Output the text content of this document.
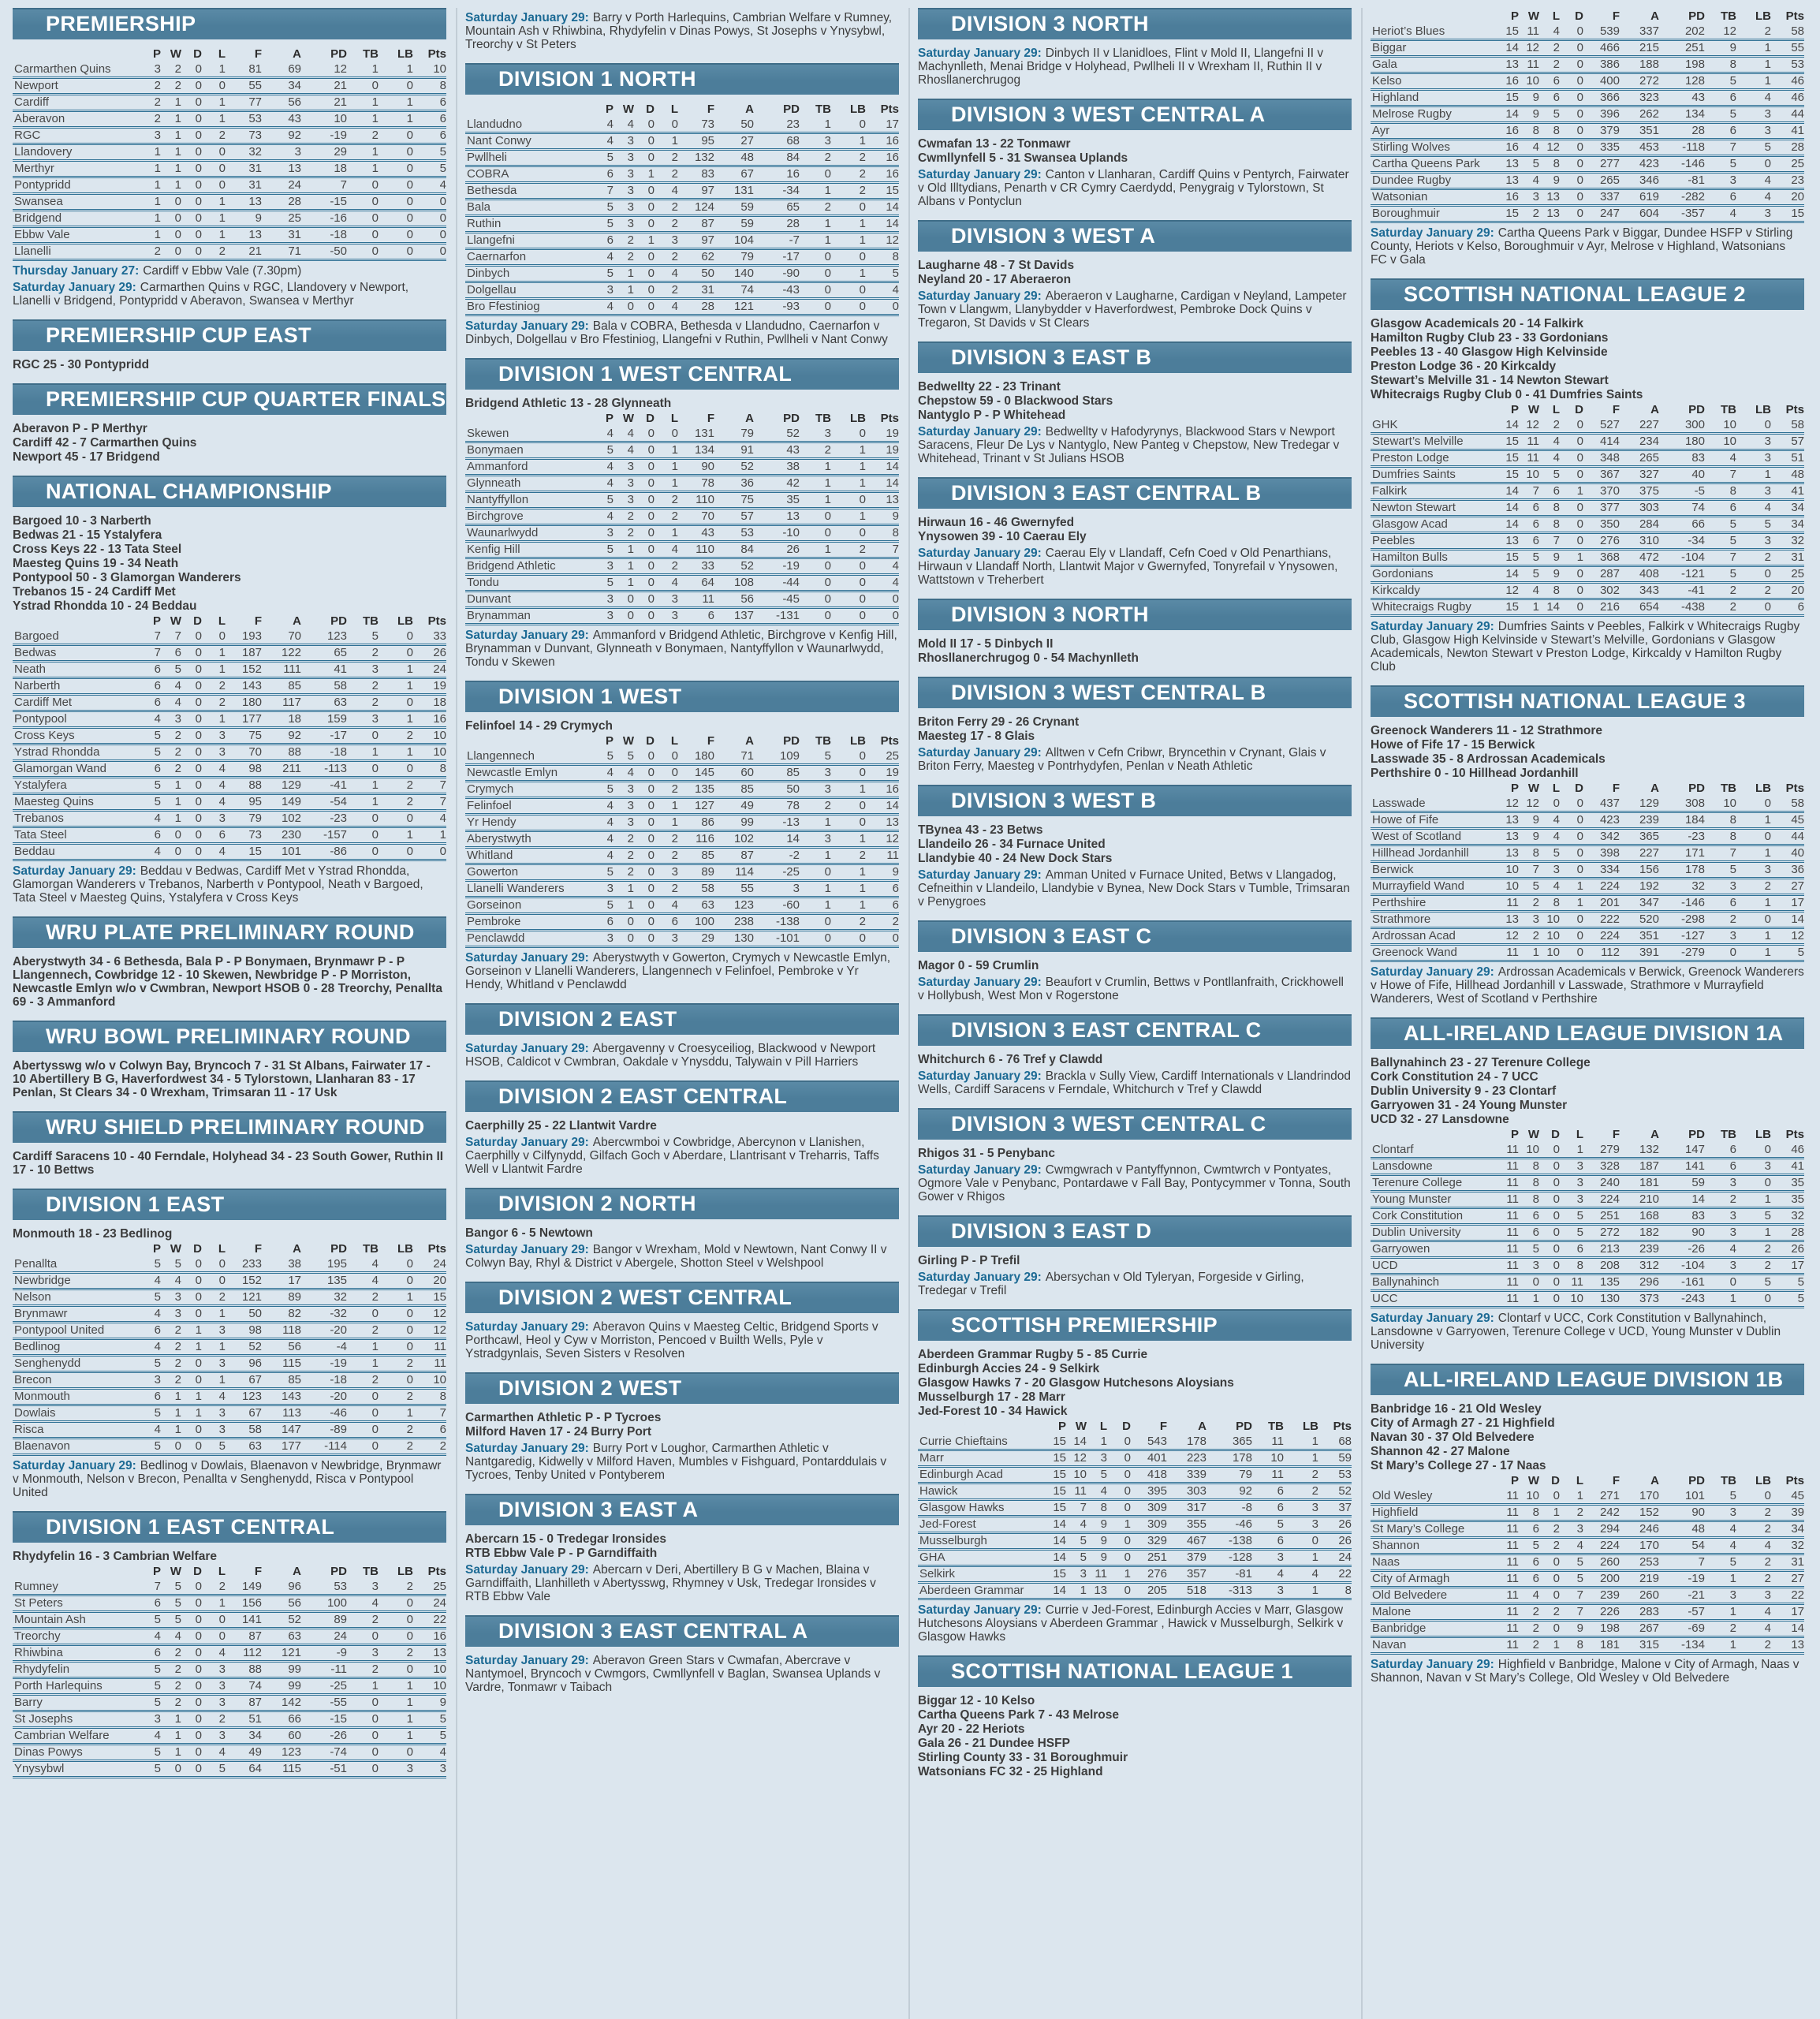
PREMIERSHIP
	P	W	D	L	F	A	PD	TB	LB	Pts
Carmarthen Quins	3	2	0	1	81	69	12	1	1	10
Newport	2	2	0	0	55	34	21	0	0	8
Cardiff	2	1	0	1	77	56	21	1	1	6
Aberavon	2	1	0	1	53	43	10	1	1	6
RGC	3	1	0	2	73	92	-19	2	0	6
Llandovery	1	1	0	0	32	3	29	1	0	5
Merthyr	1	1	0	0	31	13	18	1	0	5
Pontypridd	1	1	0	0	31	24	7	0	0	4
Swansea	1	0	0	1	13	28	-15	0	0	0
Bridgend	1	0	0	1	9	25	-16	0	0	0
Ebbw Vale	1	0	0	1	13	31	-18	0	0	0
Llanelli	2	0	0	2	21	71	-50	0	0	0

Thursday January 27: Cardiff v Ebbw Vale (7.30pm)

Saturday January 29: Carmarthen Quins v RGC, Llandovery v Newport, Llanelli v Bridgend, Pontypridd v Aberavon, Swansea v Merthyr

PREMIERSHIP CUP EAST
RGC 25 - 30 Pontypridd
PREMIERSHIP CUP QUARTER FINALS
Aberavon P - P Merthyr
Cardiff 42 - 7 Carmarthen Quins
Newport 45 - 17 Bridgend
NATIONAL CHAMPIONSHIP
Bargoed 10 - 3 Narberth
Bedwas 21 - 15 Ystalyfera
Cross Keys 22 - 13 Tata Steel
Maesteg Quins 19 - 34 Neath
Pontypool 50 - 3 Glamorgan Wanderers
Trebanos 15 - 24 Cardiff Met
Ystrad Rhondda 10 - 24 Beddau
	P	W	D	L	F	A	PD	TB	LB	Pts
Bargoed	7	7	0	0	193	70	123	5	0	33
Bedwas	7	6	0	1	187	122	65	2	0	26
Neath	6	5	0	1	152	111	41	3	1	24
Narberth	6	4	0	2	143	85	58	2	1	19
Cardiff Met	6	4	0	2	180	117	63	2	0	18
Pontypool	4	3	0	1	177	18	159	3	1	16
Cross Keys	5	2	0	3	75	92	-17	0	2	10
Ystrad Rhondda	5	2	0	3	70	88	-18	1	1	10
Glamorgan Wand	6	2	0	4	98	211	-113	0	0	8
Ystalyfera	5	1	0	4	88	129	-41	1	2	7
Maesteg Quins	5	1	0	4	95	149	-54	1	2	7
Trebanos	4	1	0	3	79	102	-23	0	0	4
Tata Steel	6	0	0	6	73	230	-157	0	1	1
Beddau	4	0	0	4	15	101	-86	0	0	0

Saturday January 29: Beddau v Bedwas, Cardiff Met v Ystrad Rhondda, Glamorgan Wanderers v Trebanos, Narberth v Pontypool, Neath v Bargoed, Tata Steel v Maesteg Quins, Ystalyfera v Cross Keys

WRU PLATE PRELIMINARY ROUND

Aberystwyth 34 - 6 Bethesda, Bala P - P Bonymaen, Brynmawr P - P Llangennech, Cowbridge 12 - 10 Skewen, Newbridge P - P Morriston, Newcastle Emlyn w/o v Cwmbran, Newport HSOB 0 - 28 Treorchy, Penallta 69 - 3 Ammanford

WRU BOWL PRELIMINARY ROUND

Abertysswg w/o v Colwyn Bay, Bryncoch 7 - 31 St Albans, Fairwater 17 - 10 Abertillery B G, Haverfordwest 34 - 5 Tylorstown, Llanharan 83 - 17 Penlan, St Clears 34 - 0 Wrexham, Trimsaran 11 - 17 Usk

WRU SHIELD PRELIMINARY ROUND

Cardiff Saracens 10 - 40 Ferndale, Holyhead 34 - 23 South Gower, Ruthin II 17 - 10 Bettws

DIVISION 1 EAST
Monmouth 18 - 23 Bedlinog
	P	W	D	L	F	A	PD	TB	LB	Pts
Penallta	5	5	0	0	233	38	195	4	0	24
Newbridge	4	4	0	0	152	17	135	4	0	20
Nelson	5	3	0	2	121	89	32	2	1	15
Brynmawr	4	3	0	1	50	82	-32	0	0	12
Pontypool United	6	2	1	3	98	118	-20	2	0	12
Bedlinog	4	2	1	1	52	56	-4	1	0	11
Senghenydd	5	2	0	3	96	115	-19	1	2	11
Brecon	3	2	0	1	67	85	-18	2	0	10
Monmouth	6	1	1	4	123	143	-20	0	2	8
Dowlais	5	1	1	3	67	113	-46	0	1	7
Risca	4	1	0	3	58	147	-89	0	2	6
Blaenavon	5	0	0	5	63	177	-114	0	2	2

Saturday January 29: Bedlinog v Dowlais, Blaenavon v Newbridge, Brynmawr v Monmouth, Nelson v Brecon, Penallta v Senghenydd, Risca v Pontypool United

DIVISION 1 EAST CENTRAL
Rhydyfelin 16 - 3 Cambrian Welfare
	P	W	D	L	F	A	PD	TB	LB	Pts
Rumney	7	5	0	2	149	96	53	3	2	25
St Peters	6	5	0	1	156	56	100	4	0	24
Mountain Ash	5	5	0	0	141	52	89	2	0	22
Treorchy	4	4	0	0	87	63	24	0	0	16
Rhiwbina	6	2	0	4	112	121	-9	3	2	13
Rhydyfelin	5	2	0	3	88	99	-11	2	0	10
Porth Harlequins	5	2	0	3	74	99	-25	1	1	10
Barry	5	2	0	3	87	142	-55	0	1	9
St Josephs	3	1	0	2	51	66	-15	0	1	5
Cambrian Welfare	4	1	0	3	34	60	-26	0	1	5
Dinas Powys	5	1	0	4	49	123	-74	0	0	4
Ynysybwl	5	0	0	5	64	115	-51	0	3	3

Saturday January 29: Barry v Porth Harlequins, Cambrian Welfare v Rumney, Mountain Ash v Rhiwbina, Rhydyfelin v Dinas Powys, St Josephs v Ynysybwl, Treorchy v St Peters

DIVISION 1 NORTH
	P	W	D	L	F	A	PD	TB	LB	Pts
Llandudno	4	4	0	0	73	50	23	1	0	17
Nant Conwy	4	3	0	1	95	27	68	3	1	16
Pwllheli	5	3	0	2	132	48	84	2	2	16
COBRA	6	3	1	2	83	67	16	0	2	16
Bethesda	7	3	0	4	97	131	-34	1	2	15
Bala	5	3	0	2	124	59	65	2	0	14
Ruthin	5	3	0	2	87	59	28	1	1	14
Llangefni	6	2	1	3	97	104	-7	1	1	12
Caernarfon	4	2	0	2	62	79	-17	0	0	8
Dinbych	5	1	0	4	50	140	-90	0	1	5
Dolgellau	3	1	0	2	31	74	-43	0	0	4
Bro Ffestiniog	4	0	0	4	28	121	-93	0	0	0

Saturday January 29: Bala v COBRA, Bethesda v Llandudno, Caernarfon v Dinbych, Dolgellau v Bro Ffestiniog, Llangefni v Ruthin, Pwllheli v Nant Conwy

DIVISION 1 WEST CENTRAL
Bridgend Athletic 13 - 28 Glynneath
	P	W	D	L	F	A	PD	TB	LB	Pts
Skewen	4	4	0	0	131	79	52	3	0	19
Bonymaen	5	4	0	1	134	91	43	2	1	19
Ammanford	4	3	0	1	90	52	38	1	1	14
Glynneath	4	3	0	1	78	36	42	1	1	14
Nantyffyllon	5	3	0	2	110	75	35	1	0	13
Birchgrove	4	2	0	2	70	57	13	0	1	9
Waunarlwydd	3	2	0	1	43	53	-10	0	0	8
Kenfig Hill	5	1	0	4	110	84	26	1	2	7
Bridgend Athletic	3	1	0	2	33	52	-19	0	0	4
Tondu	5	1	0	4	64	108	-44	0	0	4
Dunvant	3	0	0	3	11	56	-45	0	0	0
Brynamman	3	0	0	3	6	137	-131	0	0	0

Saturday January 29: Ammanford v Bridgend Athletic, Birchgrove v Kenfig Hill, Brynamman v Dunvant, Glynneath v Bonymaen, Nantyffyllon v Waunarlwydd, Tondu v Skewen

DIVISION 1 WEST
Felinfoel 14 - 29 Crymych
	P	W	D	L	F	A	PD	TB	LB	Pts
Llangennech	5	5	0	0	180	71	109	5	0	25
Newcastle Emlyn	4	4	0	0	145	60	85	3	0	19
Crymych	5	3	0	2	135	85	50	3	1	16
Felinfoel	4	3	0	1	127	49	78	2	0	14
Yr Hendy	4	3	0	1	86	99	-13	1	0	13
Aberystwyth	4	2	0	2	116	102	14	3	1	12
Whitland	4	2	0	2	85	87	-2	1	2	11
Gowerton	5	2	0	3	89	114	-25	0	1	9
Llanelli Wanderers	3	1	0	2	58	55	3	1	1	6
Gorseinon	5	1	0	4	63	123	-60	1	1	6
Pembroke	6	0	0	6	100	238	-138	0	2	2
Penclawdd	3	0	0	3	29	130	-101	0	0	0

Saturday January 29: Aberystwyth v Gowerton, Crymych v Newcastle Emlyn, Gorseinon v Llanelli Wanderers, Llangennech v Felinfoel, Pembroke v Yr Hendy, Whitland v Penclawdd

DIVISION 2 EAST

Saturday January 29: Abergavenny v Croesyceiliog, Blackwood v Newport HSOB, Caldicot v Cwmbran, Oakdale v Ynysddu, Talywain v Pill Harriers

DIVISION 2 EAST CENTRAL
Caerphilly 25 - 22 Llantwit Vardre

Saturday January 29: Abercwmboi v Cowbridge, Abercynon v Llanishen, Caerphilly v Cilfynydd, Gilfach Goch v Aberdare, Llantrisant v Treharris, Taffs Well v Llantwit Fardre

DIVISION 2 NORTH
Bangor 6 - 5 Newtown

Saturday January 29: Bangor v Wrexham, Mold v Newtown, Nant Conwy II v Colwyn Bay, Rhyl & District v Abergele, Shotton Steel v Welshpool

DIVISION 2 WEST CENTRAL

Saturday January 29: Aberavon Quins v Maesteg Celtic, Bridgend Sports v Porthcawl, Heol y Cyw v Morriston, Pencoed v Builth Wells, Pyle v Ystradgynlais, Seven Sisters v Resolven

DIVISION 2 WEST
Carmarthen Athletic P - P Tycroes
Milford Haven 17 - 24 Burry Port

Saturday January 29: Burry Port v Loughor, Carmarthen Athletic v Nantgaredig, Kidwelly v Milford Haven, Mumbles v Fishguard, Pontarddulais v Tycroes, Tenby United v Pontyberem

DIVISION 3 EAST A
Abercarn 15 - 0 Tredegar Ironsides
RTB Ebbw Vale P - P Garndiffaith

Saturday January 29: Abercarn v Deri, Abertillery B G v Machen, Blaina v Garndiffaith, Llanhilleth v Abertysswg, Rhymney v Usk, Tredegar Ironsides v RTB Ebbw Vale

DIVISION 3 EAST CENTRAL A

Saturday January 29: Aberavon Green Stars v Cwmafan, Abercrave v Nantymoel, Bryncoch v Cwmgors, Cwmllynfell v Baglan, Swansea Uplands v Vardre, Tonmawr v Taibach

DIVISION 3 NORTH

Saturday January 29: Dinbych II v Llanidloes, Flint v Mold II, Llangefni II v Machynlleth, Menai Bridge v Holyhead, Pwllheli II v Wrexham II, Ruthin II v Rhosllanerchrugog

DIVISION 3 WEST CENTRAL A
Cwmafan 13 - 22 Tonmawr
Cwmllynfell 5 - 31 Swansea Uplands

Saturday January 29: Canton v Llanharan, Cardiff Quins v Pentyrch, Fairwater v Old Illtydians, Penarth v CR Cymry Caerdydd, Penygraig v Tylorstown, St Albans v Pontyclun

DIVISION 3 WEST A
Laugharne 48 - 7 St Davids
Neyland 20 - 17 Aberaeron

Saturday January 29: Aberaeron v Laugharne, Cardigan v Neyland, Lampeter Town v Llangwm, Llanybydder v Haverfordwest, Pembroke Dock Quins v Tregaron, St Davids v St Clears

DIVISION 3 EAST B
Bedwellty 22 - 23 Trinant
Chepstow 59 - 0 Blackwood Stars
Nantyglo P - P Whitehead

Saturday January 29: Bedwellty v Hafodyrynys, Blackwood Stars v Newport Saracens, Fleur De Lys v Nantyglo, New Panteg v Chepstow, New Tredegar v Whitehead, Trinant v St Julians HSOB

DIVISION 3 EAST CENTRAL B
Hirwaun 16 - 46 Gwernyfed
Ynysowen 39 - 10 Caerau Ely

Saturday January 29: Caerau Ely v Llandaff, Cefn Coed v Old Penarthians, Hirwaun v Llandaff North, Llantwit Major v Gwernyfed, Tonyrefail v Ynysowen, Wattstown v Treherbert

DIVISION 3 NORTH
Mold II 17 - 5 Dinbych II
Rhosllanerchrugog 0 - 54 Machynlleth
DIVISION 3 WEST CENTRAL B
Briton Ferry 29 - 26 Crynant
Maesteg 17 - 8 Glais

Saturday January 29: Alltwen v Cefn Cribwr, Bryncethin v Crynant, Glais v Briton Ferry, Maesteg v Pontrhydyfen, Penlan v Neath Athletic

DIVISION 3 WEST B
TBynea 43 - 23 Betws
Llandeilo 26 - 34 Furnace United
Llandybie 40 - 24 New Dock Stars

Saturday January 29: Amman United v Furnace United, Betws v Llangadog, Cefneithin v Llandeilo, Llandybie v Bynea, New Dock Stars v Tumble, Trimsaran v Penygroes

DIVISION 3 EAST C
Magor 0 - 59 Crumlin

Saturday January 29: Beaufort v Crumlin, Bettws v Pontllanfraith, Crickhowell v Hollybush, West Mon v Rogerstone

DIVISION 3 EAST CENTRAL C
Whitchurch 6 - 76 Tref y Clawdd

Saturday January 29: Brackla v Sully View, Cardiff Internationals v Llandrindod Wells, Cardiff Saracens v Ferndale, Whitchurch v Tref y Clawdd

DIVISION 3 WEST CENTRAL C
Rhigos 31 - 5 Penybanc

Saturday January 29: Cwmgwrach v Pantyffynnon, Cwmtwrch v Pontyates, Ogmore Vale v Penybanc, Pontardawe v Fall Bay, Pontycymmer v Tonna, South Gower v Rhigos

DIVISION 3 EAST D
Girling P - P Trefil

Saturday January 29: Abersychan v Old Tyleryan, Forgeside v Girling, Tredegar v Trefil

SCOTTISH PREMIERSHIP
Aberdeen Grammar Rugby 5 - 85 Currie
Edinburgh Accies 24 - 9 Selkirk
Glasgow Hawks 7 - 20 Glasgow Hutchesons Aloysians
Musselburgh 17 - 28 Marr
Jed-Forest 10 - 34 Hawick
	P	W	L	D	F	A	PD	TB	LB	Pts
Currie Chieftains	15	14	1	0	543	178	365	11	1	68
Marr	15	12	3	0	401	223	178	10	1	59
Edinburgh Acad	15	10	5	0	418	339	79	11	2	53
Hawick	15	11	4	0	395	303	92	6	2	52
Glasgow Hawks	15	7	8	0	309	317	-8	6	3	37
Jed-Forest	14	4	9	1	309	355	-46	5	3	26
Musselburgh	14	5	9	0	329	467	-138	6	0	26
GHA	14	5	9	0	251	379	-128	3	1	24
Selkirk	15	3	11	1	276	357	-81	4	4	22
Aberdeen Grammar	14	1	13	0	205	518	-313	3	1	8

Saturday January 29: Currie v Jed-Forest, Edinburgh Accies v Marr, Glasgow Hutchesons Aloysians v Aberdeen Grammar , Hawick v Musselburgh, Selkirk v Glasgow Hawks

SCOTTISH NATIONAL LEAGUE 1
Biggar 12 - 10 Kelso
Cartha Queens Park 7 - 43 Melrose
Ayr 20 - 22 Heriots
Gala 26 - 21 Dundee HSFP
Stirling County 33 - 31 Boroughmuir
Watsonians FC 32 - 25 Highland
	P	W	L	D	F	A	PD	TB	LB	Pts
Heriot’s Blues	15	11	4	0	539	337	202	12	2	58
Biggar	14	12	2	0	466	215	251	9	1	55
Gala	13	11	2	0	386	188	198	8	1	53
Kelso	16	10	6	0	400	272	128	5	1	46
Highland	15	9	6	0	366	323	43	6	4	46
Melrose Rugby	14	9	5	0	396	262	134	5	3	44
Ayr	16	8	8	0	379	351	28	6	3	41
Stirling Wolves	16	4	12	0	335	453	-118	7	5	28
Cartha Queens Park	13	5	8	0	277	423	-146	5	0	25
Dundee Rugby	13	4	9	0	265	346	-81	3	4	23
Watsonian	16	3	13	0	337	619	-282	6	4	20
Boroughmuir	15	2	13	0	247	604	-357	4	3	15

Saturday January 29: Cartha Queens Park v Biggar, Dundee HSFP v Stirling County, Heriots v Kelso, Boroughmuir v Ayr, Melrose v Highland, Watsonians FC v Gala

SCOTTISH NATIONAL LEAGUE 2
Glasgow Academicals 20 - 14 Falkirk
Hamilton Rugby Club 23 - 33 Gordonians
Peebles 13 - 40 Glasgow High Kelvinside
Preston Lodge 36 - 20 Kirkcaldy
Stewart’s Melville 31 - 14 Newton Stewart
Whitecraigs Rugby Club 0 - 41 Dumfries Saints
	P	W	L	D	F	A	PD	TB	LB	Pts
GHK	14	12	2	0	527	227	300	10	0	58
Stewart’s Melville	15	11	4	0	414	234	180	10	3	57
Preston Lodge	15	11	4	0	348	265	83	4	3	51
Dumfries Saints	15	10	5	0	367	327	40	7	1	48
Falkirk	14	7	6	1	370	375	-5	8	3	41
Newton Stewart	14	6	8	0	377	303	74	6	4	34
Glasgow Acad	14	6	8	0	350	284	66	5	5	34
Peebles	13	6	7	0	276	310	-34	5	3	32
Hamilton Bulls	15	5	9	1	368	472	-104	7	2	31
Gordonians	14	5	9	0	287	408	-121	5	0	25
Kirkcaldy	12	4	8	0	302	343	-41	2	2	20
Whitecraigs Rugby	15	1	14	0	216	654	-438	2	0	6

Saturday January 29: Dumfries Saints v Peebles, Falkirk v Whitecraigs Rugby Club, Glasgow High Kelvinside v Stewart’s Melville, Gordonians v Glasgow Academicals, Newton Stewart v Preston Lodge, Kirkcaldy v Hamilton Rugby Club

SCOTTISH NATIONAL LEAGUE 3
Greenock Wanderers 11 - 12 Strathmore
Howe of Fife 17 - 15 Berwick
Lasswade 35 - 8 Ardrossan Academicals
Perthshire 0 - 10 Hillhead Jordanhill
	P	W	L	D	F	A	PD	TB	LB	Pts
Lasswade	12	12	0	0	437	129	308	10	0	58
Howe of Fife	13	9	4	0	423	239	184	8	1	45
West of Scotland	13	9	4	0	342	365	-23	8	0	44
Hillhead Jordanhill	13	8	5	0	398	227	171	7	1	40
Berwick	10	7	3	0	334	156	178	5	3	36
Murrayfield Wand	10	5	4	1	224	192	32	3	2	27
Perthshire	11	2	8	1	201	347	-146	6	1	17
Strathmore	13	3	10	0	222	520	-298	2	0	14
Ardrossan Acad	12	2	10	0	224	351	-127	3	1	12
Greenock Wand	11	1	10	0	112	391	-279	0	1	5

Saturday January 29: Ardrossan Academicals v Berwick, Greenock Wanderers v Howe of Fife, Hillhead Jordanhill v Lasswade, Strathmore v Murrayfield Wanderers, West of Scotland v Perthshire

ALL-IRELAND LEAGUE DIVISION 1A
Ballynahinch 23 - 27 Terenure College
Cork Constitution 24 - 7 UCC
Dublin University 9 - 23 Clontarf
Garryowen 31 - 24 Young Munster
UCD 32 - 27 Lansdowne
	P	W	D	L	F	A	PD	TB	LB	Pts
Clontarf	11	10	0	1	279	132	147	6	0	46
Lansdowne	11	8	0	3	328	187	141	6	3	41
Terenure College	11	8	0	3	240	181	59	3	0	35
Young Munster	11	8	0	3	224	210	14	2	1	35
Cork Constitution	11	6	0	5	251	168	83	3	5	32
Dublin University	11	6	0	5	272	182	90	3	1	28
Garryowen	11	5	0	6	213	239	-26	4	2	26
UCD	11	3	0	8	208	312	-104	3	2	17
Ballynahinch	11	0	0	11	135	296	-161	0	5	5
UCC	11	1	0	10	130	373	-243	1	0	5

Saturday January 29: Clontarf v UCC, Cork Constitution v Ballynahinch, Lansdowne v Garryowen, Terenure College v UCD, Young Munster v Dublin University

ALL-IRELAND LEAGUE DIVISION 1B
Banbridge 16 - 21 Old Wesley
City of Armagh 27 - 21 Highfield
Navan 30 - 37 Old Belvedere
Shannon 42 - 27 Malone
St Mary’s College 27 - 17 Naas
	P	W	D	L	F	A	PD	TB	LB	Pts
Old Wesley	11	10	0	1	271	170	101	5	0	45
Highfield	11	8	1	2	242	152	90	3	2	39
St Mary’s College	11	6	2	3	294	246	48	4	2	34
Shannon	11	5	2	4	224	170	54	4	4	32
Naas	11	6	0	5	260	253	7	5	2	31
City of Armagh	11	6	0	5	200	219	-19	1	2	27
Old Belvedere	11	4	0	7	239	260	-21	3	3	22
Malone	11	2	2	7	226	283	-57	1	4	17
Banbridge	11	2	0	9	198	267	-69	2	4	14
Navan	11	2	1	8	181	315	-134	1	2	13

Saturday January 29: Highfield v Banbridge, Malone v City of Armagh, Naas v Shannon, Navan v St Mary’s College, Old Wesley v Old Belvedere
